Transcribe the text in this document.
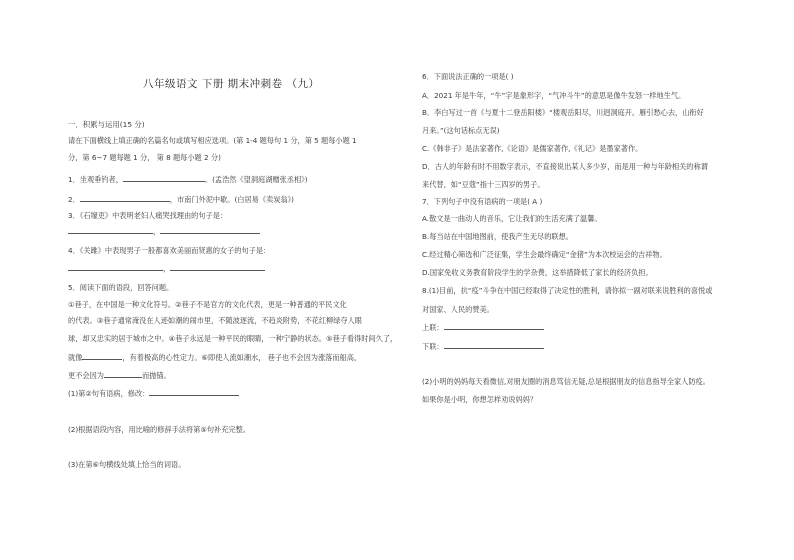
八年级语文 下册 期末冲刺卷 （九）
一．积累与运用(15 分)
请在下面横线上填正确的名篇名句或填写相应选项。(第 1-4 题每句 1 分，第 5 题每小题 1
分，第 6~7 题每题 1 分， 第 8 题每小题 2 分)
1．坐观垂钓者，	。(孟浩然《望洞庭湖赠张丞相》)
2．	，市南门外泥中歇。(白居易《卖炭翁》)
3．《石壕吏》中表明老妇人痛哭找理由的句子是：
，
4．《关雎》中表现男子一般都喜欢美丽而贤惠的女子的句子是：
，
5．阅读下面的语段，回答问题。
①巷子，在中国是一种文化符号。②巷子不是官方的文化代表，更是一种普通的平民文化
的代表。③巷子通常淹没在人迹如潮的闹市里，不随波逐流，不趋炎附势，不花红柳绿夺人眼
球，却又忠实的居于城市之中。④巷子永远是一种平民的眼睛，一种宁静的状态。⑤巷子看得时间久了，
就像	，有着极高的心性定力。⑥即使人流如潮水， 巷子也不会因为涨落而船高，
更不会因为	而抛锚。
(1)第②句有语病，修改：
(2)根据语段内容，用比喻的修辞手法将第⑤句补充完整。
(3)在第⑥句横线处填上恰当的词语。
6．下面说法正确的一项是( )
A．2021 年是牛年，“牛”字是象形字，“气冲斗牛”的意思是像牛发怒一样地生气。
B．李白写过一首《与夏十二登岳阳楼》“楼观岳阳尽，川迥洞庭开。雁引愁心去，山衔好
月来。”(这句话标点无误)
C.《韩非子》是法家著作,《论语》是儒家著作,《礼记》是墨家著作。
D．古人的年龄有时不用数字表示，不直接说出某人多少岁，而是用一种与年龄相关的称谓
来代替，如“豆蔻”指十三四岁的男子。
7．下列句子中没有语病的一项是( A )
A.散文是一曲动人的音乐，它让我们的生活充满了温馨。
B.每当站在中国地图前，使我产生无尽的联想。
C.经过精心筛选和广泛征集，学生会最终确定“金猪”为本次校运会的吉祥物。
D.国家免收义务教育阶段学生的学杂费，这举措降低了家长的经济负担。
8.(1)目前，抗“疫”斗争在中国已经取得了决定性的胜利，请你拟一副对联来说胜利的喜悦或
对国家、人民的赞美。
上联：
下联：
(2)小明的妈妈每天看微信,对朋友圈的消息笃信无疑,总是根据朋友的信息指导全家人防疫。
如果你是小明，你想怎样劝说妈妈？
